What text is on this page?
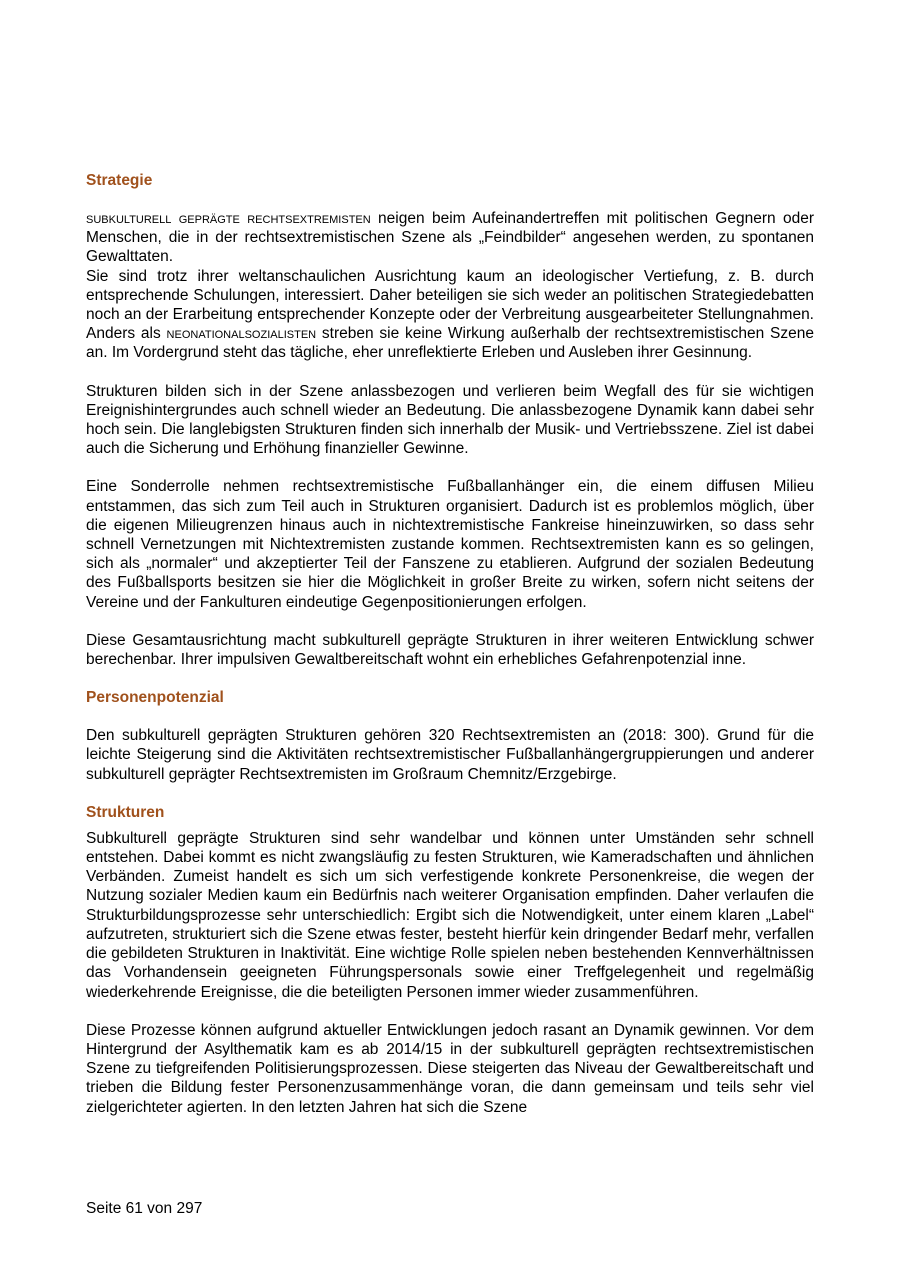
Strategie

subkulturell geprägte rechtsextremisten neigen beim Aufeinandertreffen mit politischen Gegnern oder Menschen, die in der rechtsextremistischen Szene als „Feindbilder“ angesehen werden, zu spontanen Gewalttaten.

Sie sind trotz ihrer weltanschaulichen Ausrichtung kaum an ideologischer Vertiefung, z. B. durch entsprechende Schulungen, interessiert. Daher beteiligen sie sich weder an politischen Strategiedebatten noch an der Erarbeitung entsprechender Konzepte oder der Verbreitung ausgearbeiteter Stellungnahmen. Anders als neonationalsozialisten streben sie keine Wirkung außerhalb der rechtsextremistischen Szene an. Im Vordergrund steht das tägliche, eher unreflektierte Erleben und Ausleben ihrer Gesinnung.

Strukturen bilden sich in der Szene anlassbezogen und verlieren beim Wegfall des für sie wichtigen Ereignishintergrundes auch schnell wieder an Bedeutung. Die anlassbezogene Dynamik kann dabei sehr hoch sein. Die langlebigsten Strukturen finden sich innerhalb der Musik- und Vertriebsszene. Ziel ist dabei auch die Sicherung und Erhöhung finanzieller Gewinne.

Eine Sonderrolle nehmen rechtsextremistische Fußballanhänger ein, die einem diffusen Milieu entstammen, das sich zum Teil auch in Strukturen organisiert. Dadurch ist es problemlos möglich, über die eigenen Milieugrenzen hinaus auch in nichtextremistische Fankreise hineinzuwirken, so dass sehr schnell Vernetzungen mit Nichtextremisten zustande kommen. Rechtsextremisten kann es so gelingen, sich als „normaler“ und akzeptierter Teil der Fanszene zu etablieren. Aufgrund der sozialen Bedeutung des Fußballsports besitzen sie hier die Möglichkeit in großer Breite zu wirken, sofern nicht seitens der Vereine und der Fankulturen eindeutige Gegenpositionierungen erfolgen.

Diese Gesamtausrichtung macht subkulturell geprägte Strukturen in ihrer weiteren Entwicklung schwer berechenbar. Ihrer impulsiven Gewaltbereitschaft wohnt ein erhebliches Gefahrenpotenzial inne.

Personenpotenzial

Den subkulturell geprägten Strukturen gehören 320 Rechtsextremisten an (2018: 300). Grund für die leichte Steigerung sind die Aktivitäten rechtsextremistischer Fußballanhängergruppierungen und anderer subkulturell geprägter Rechtsextremisten im Großraum Chemnitz/Erzgebirge.

Strukturen

Subkulturell geprägte Strukturen sind sehr wandelbar und können unter Umständen sehr schnell entstehen. Dabei kommt es nicht zwangsläufig zu festen Strukturen, wie Kameradschaften und ähnlichen Verbänden. Zumeist handelt es sich um sich verfestigende konkrete Personenkreise, die wegen der Nutzung sozialer Medien kaum ein Bedürfnis nach weiterer Organisation empfinden. Daher verlaufen die Strukturbildungsprozesse sehr unterschiedlich: Ergibt sich die Notwendigkeit, unter einem klaren „Label“ aufzutreten, strukturiert sich die Szene etwas fester, besteht hierfür kein dringender Bedarf mehr, verfallen die gebildeten Strukturen in Inaktivität. Eine wichtige Rolle spielen neben bestehenden Kennverhältnissen das Vorhandensein geeigneten Führungspersonals sowie einer Treffgelegenheit und regelmäßig wiederkehrende Ereignisse, die die beteiligten Personen immer wieder zusammenführen.

Diese Prozesse können aufgrund aktueller Entwicklungen jedoch rasant an Dynamik gewinnen. Vor dem Hintergrund der Asylthematik kam es ab 2014/15 in der subkulturell geprägten rechtsextremistischen Szene zu tiefgreifenden Politisierungsprozessen. Diese steigerten das Niveau der Gewaltbereitschaft und trieben die Bildung fester Personenzusammenhänge voran, die dann gemeinsam und teils sehr viel zielgerichteter agierten. In den letzten Jahren hat sich die Szene

Seite 61 von 297
